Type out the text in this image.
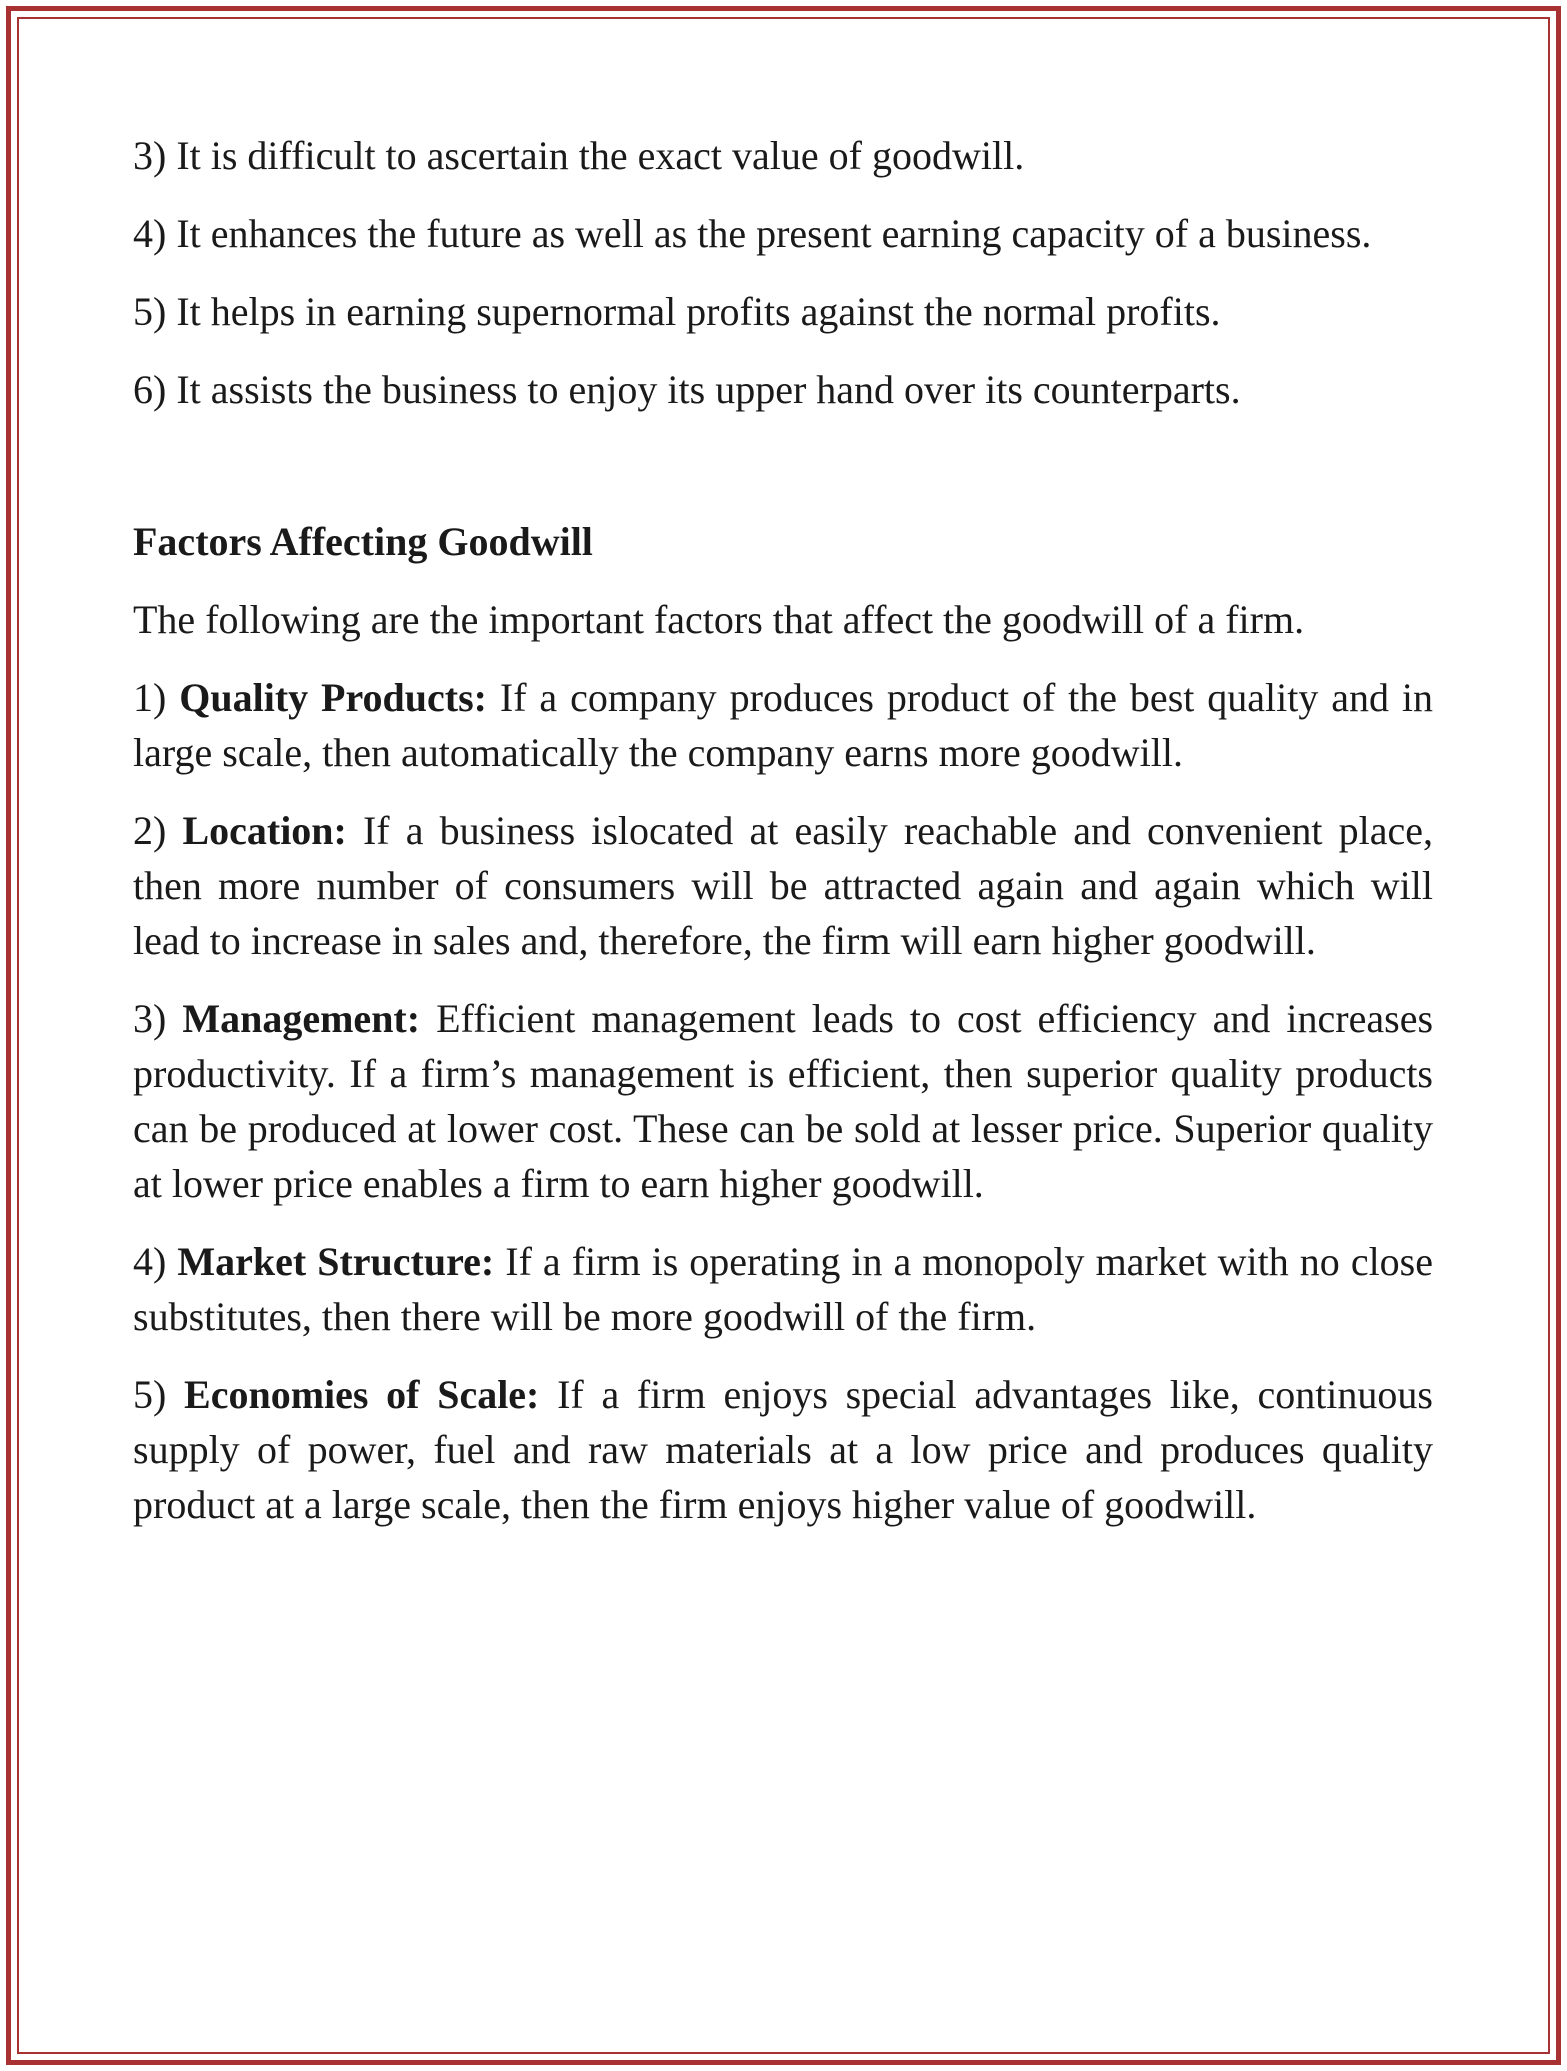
3) It is difficult to ascertain the exact value of goodwill.

4) It enhances the future as well as the present earning capacity of a business.

5) It helps in earning supernormal profits against the normal profits.

6) It assists the business to enjoy its upper hand over its counterparts.

Factors Affecting Goodwill

The following are the important factors that affect the goodwill of a firm.

1) Quality Products: If a company produces product of the best quality and in large scale, then automatically the company earns more goodwill.

2) Location: If a business islocated at easily reachable and convenient place, then more number of consumers will be attracted again and again which will lead to increase in sales and, therefore, the firm will earn higher goodwill.

3) Management: Efficient management leads to cost efficiency and increases productivity. If a firm’s management is efficient, then superior quality products can be produced at lower cost. These can be sold at lesser price. Superior quality at lower price enables a firm to earn higher goodwill.

4) Market Structure: If a firm is operating in a monopoly market with no close substitutes, then there will be more goodwill of the firm.

5) Economies of Scale: If a firm enjoys special advantages like, continuous supply of power, fuel and raw materials at a low price and produces quality product at a large scale, then the firm enjoys higher value of goodwill.
